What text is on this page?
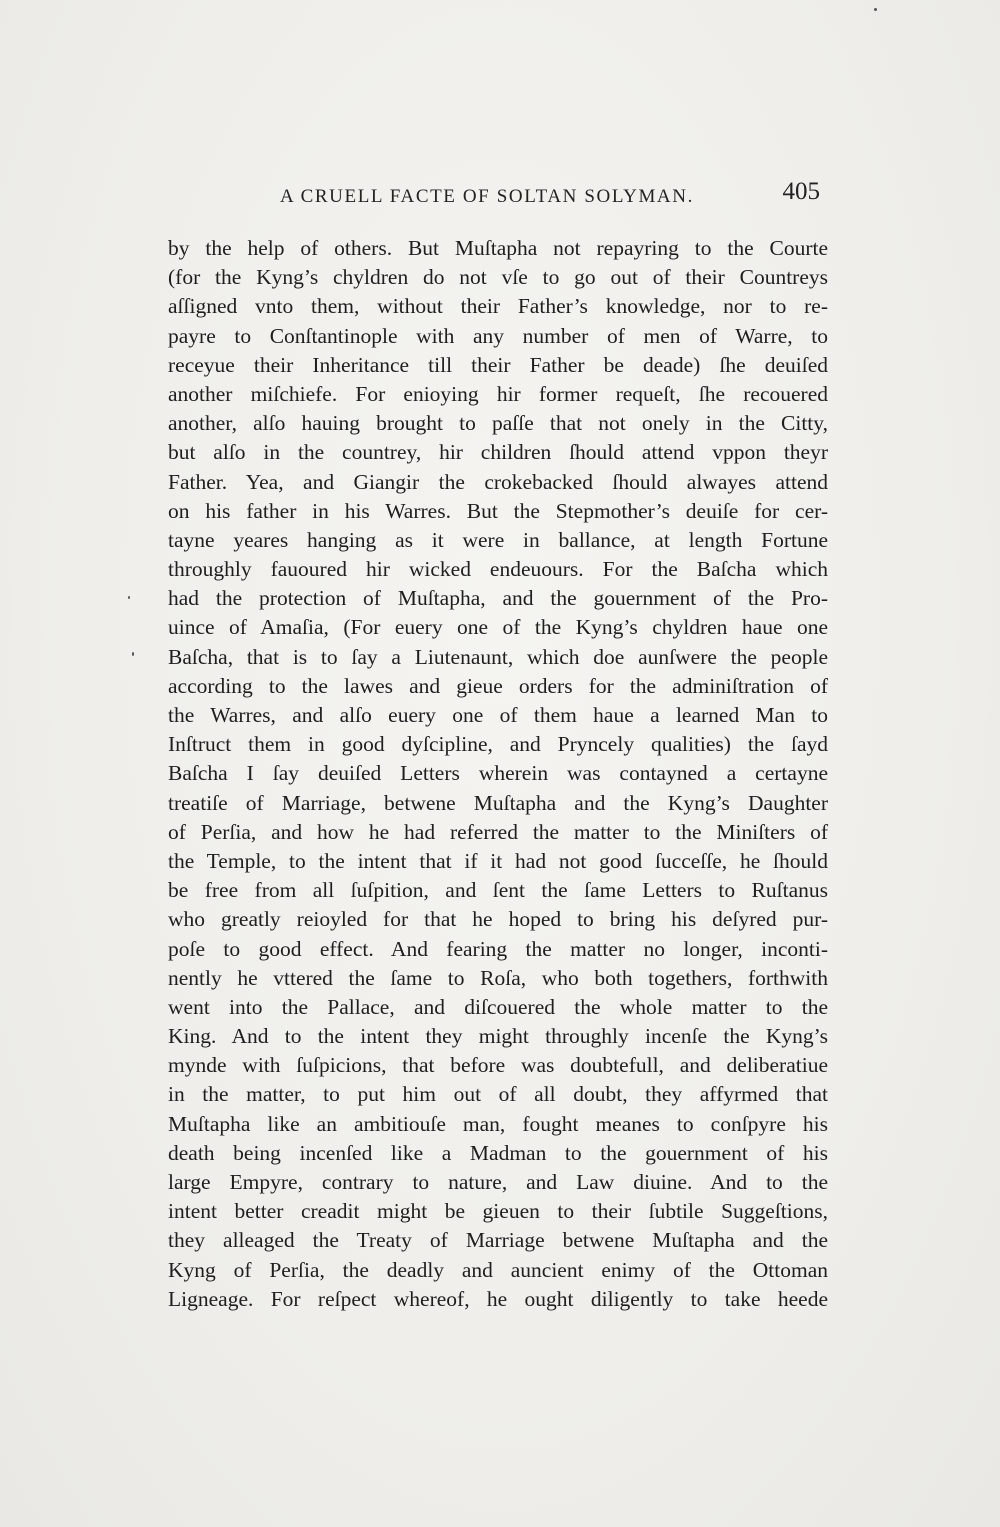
A CRUELL FACTE OF SOLTAN SOLYMAN.	405
by the help of others. But Muſtapha not repayring to the Courte
(for the Kyng’s chyldren do not vſe to go out of their Countreys
aſſigned vnto them, without their Father’s knowledge, nor to re-
payre to Conſtantinople with any number of men of Warre, to
receyue their Inheritance till their Father be deade) ſhe deuiſed
another miſchiefe. For enioying hir former requeſt, ſhe recouered
another, alſo hauing brought to paſſe that not onely in the Citty,
but alſo in the countrey, hir children ſhould attend vppon theyr
Father. Yea, and Giangir the crokebacked ſhould alwayes attend
on his father in his Warres. But the Stepmother’s deuiſe for cer-
tayne yeares hanging as it were in ballance, at length Fortune
throughly fauoured hir wicked endeuours. For the Baſcha which
had the protection of Muſtapha, and the gouernment of the Pro-
uince of Amaſia, (For euery one of the Kyng’s chyldren haue one
Baſcha, that is to ſay a Liutenaunt, which doe aunſwere the people
according to the lawes and gieue orders for the adminiſtration of
the Warres, and alſo euery one of them haue a learned Man to
Inſtruct them in good dyſcipline, and Pryncely qualities) the ſayd
Baſcha I ſay deuiſed Letters wherein was contayned a certayne
treatiſe of Marriage, betwene Muſtapha and the Kyng’s Daughter
of Perſia, and how he had referred the matter to the Miniſters of
the Temple, to the intent that if it had not good ſucceſſe, he ſhould
be free from all ſuſpition, and ſent the ſame Letters to Ruſtanus
who greatly reioyled for that he hoped to bring his deſyred pur-
poſe to good effect. And fearing the matter no longer, inconti-
nently he vttered the ſame to Roſa, who both togethers, forthwith
went into the Pallace, and diſcouered the whole matter to the
King. And to the intent they might throughly incenſe the Kyng’s
mynde with ſuſpicions, that before was doubtefull, and deliberatiue
in the matter, to put him out of all doubt, they affyrmed that
Muſtapha like an ambitiouſe man, fought meanes to conſpyre his
death being incenſed like a Madman to the gouernment of his
large Empyre, contrary to nature, and Law diuine. And to the
intent better creadit might be gieuen to their ſubtile Suggeſtions,
they alleaged the Treaty of Marriage betwene Muſtapha and the
Kyng of Perſia, the deadly and auncient enimy of the Ottoman
Ligneage. For reſpect whereof, he ought diligently to take heede
